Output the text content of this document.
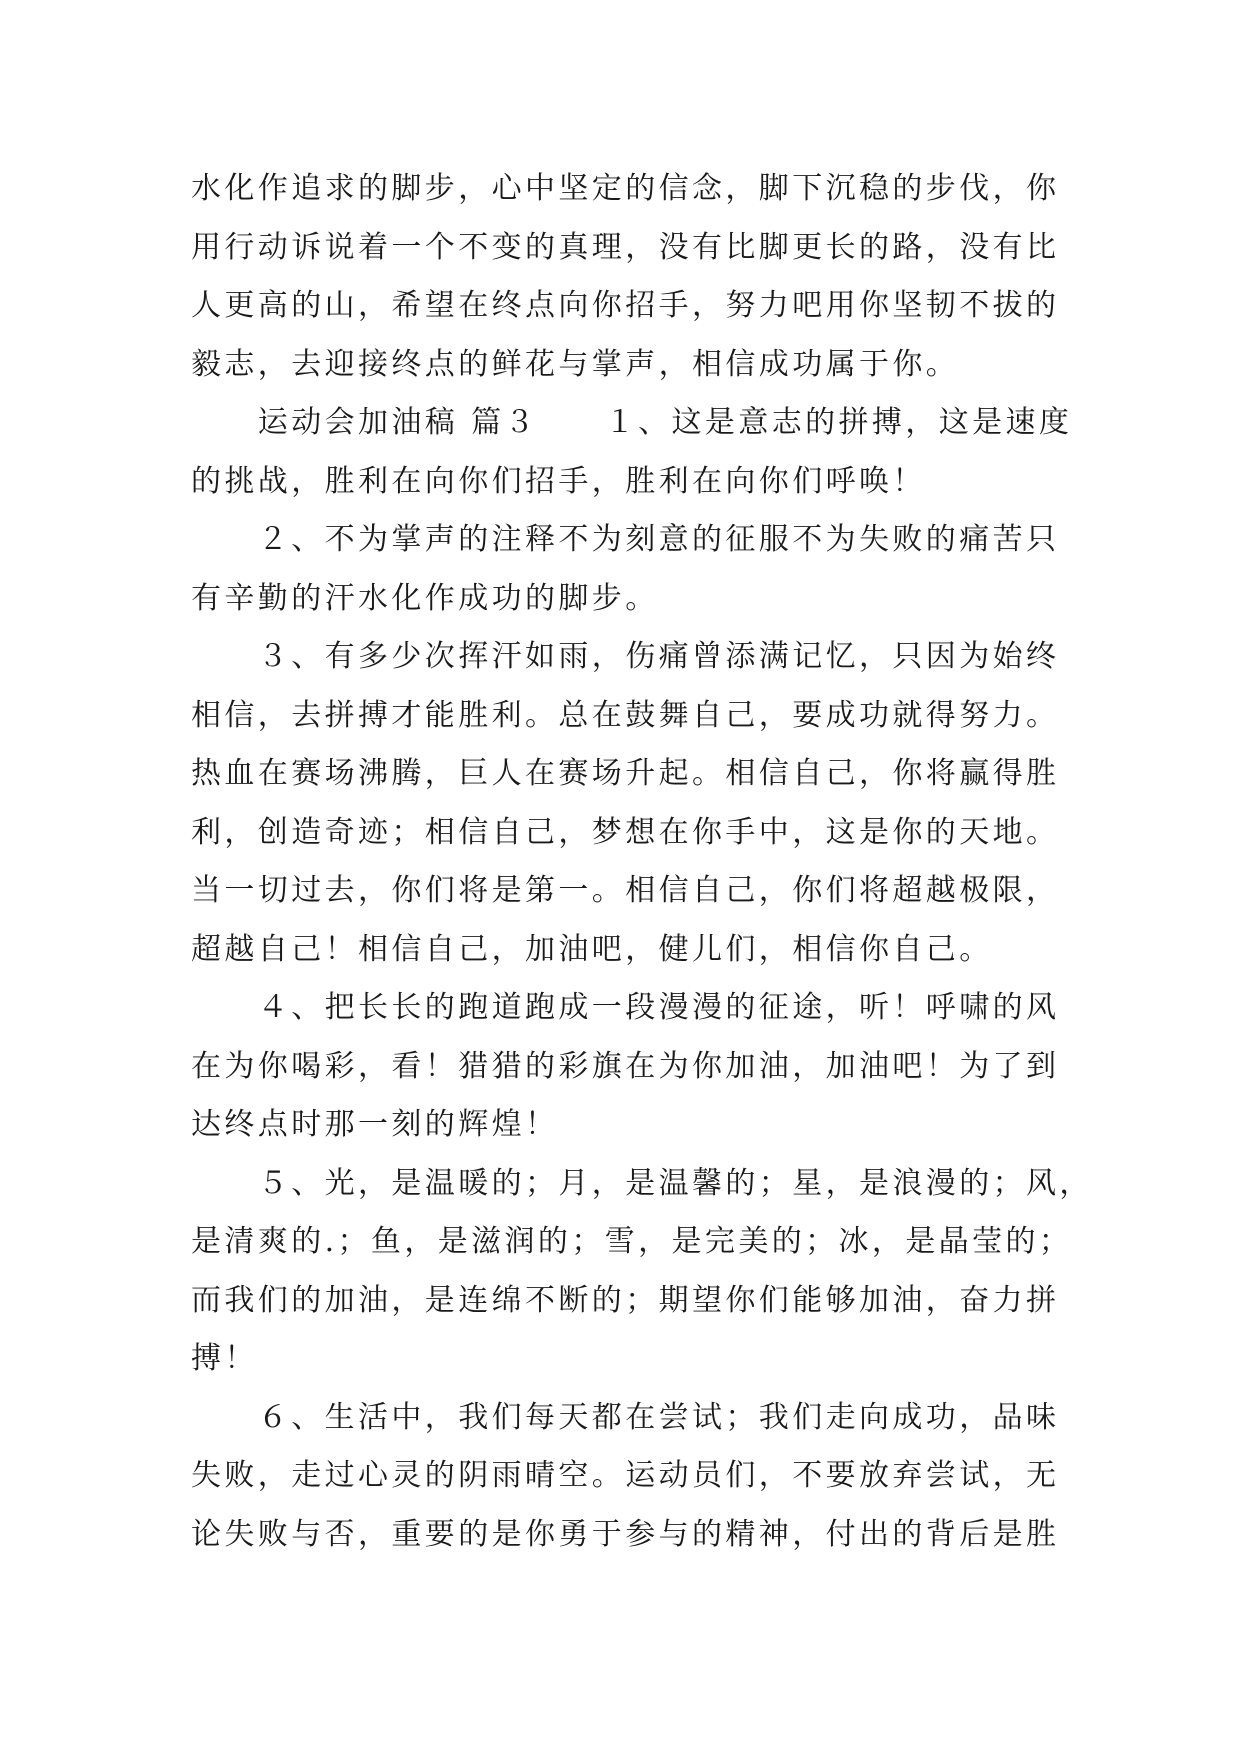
水化作追求的脚步，心中坚定的信念，脚下沉稳的步伐，你
用行动诉说着一个不变的真理，没有比脚更长的路，没有比
人更高的山，希望在终点向你招手，努力吧用你坚韧不拔的
毅志，去迎接终点的鲜花与掌声，相信成功属于你。
　　运动会加油稿 篇３　　１、这是意志的拼搏，这是速度
的挑战，胜利在向你们招手，胜利在向你们呼唤！
　　２、不为掌声的注释不为刻意的征服不为失败的痛苦只
有辛勤的汗水化作成功的脚步。
　　３、有多少次挥汗如雨，伤痛曾添满记忆，只因为始终
相信，去拼搏才能胜利。总在鼓舞自己，要成功就得努力。
热血在赛场沸腾，巨人在赛场升起。相信自己，你将赢得胜
利，创造奇迹；相信自己，梦想在你手中，这是你的天地。
当一切过去，你们将是第一。相信自己，你们将超越极限，
超越自己！相信自己，加油吧，健儿们，相信你自己。
　　４、把长长的跑道跑成一段漫漫的征途，听！呼啸的风
在为你喝彩，看！猎猎的彩旗在为你加油，加油吧！为了到
达终点时那一刻的辉煌！
　　５、光，是温暖的；月，是温馨的；星，是浪漫的；风，
是清爽的.；鱼，是滋润的；雪，是完美的；冰，是晶莹的；
而我们的加油，是连绵不断的；期望你们能够加油，奋力拼
搏！
　　６、生活中，我们每天都在尝试；我们走向成功，品味
失败，走过心灵的阴雨晴空。运动员们，不要放弃尝试，无
论失败与否，重要的是你勇于参与的精神，付出的背后是胜
